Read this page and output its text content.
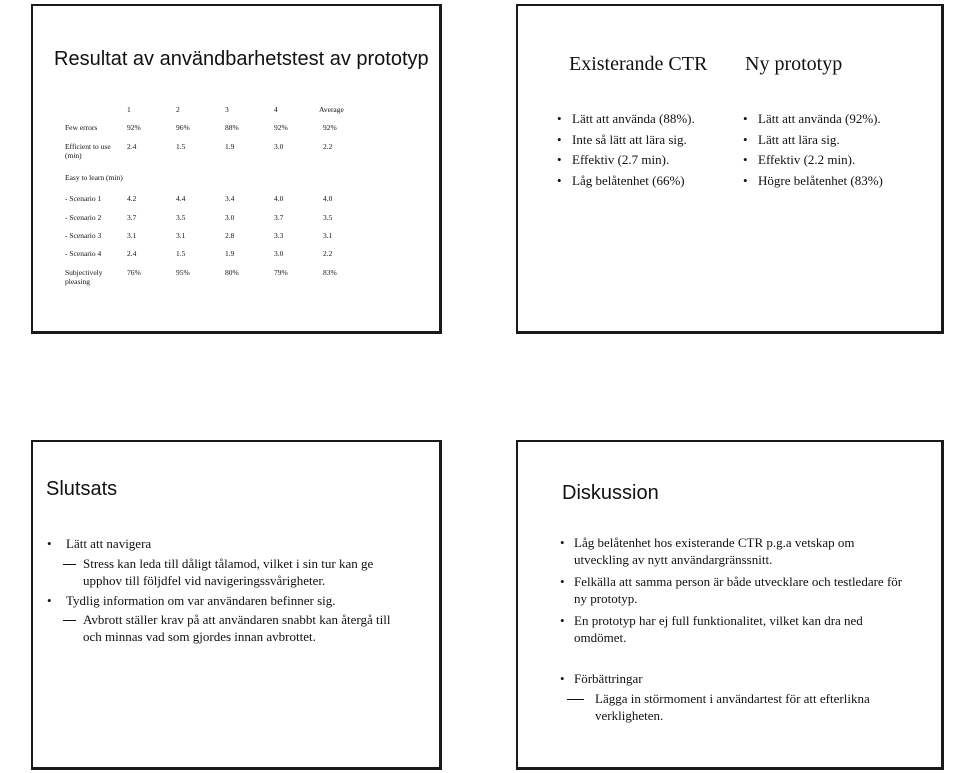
Resultat av användbarhetstest av prototyp
	1	2	3	4	Average
Few errors	92%	96%	88%	92%	92%
Efficient to use (min)	2.4	1.5	1.9	3.0	2.2
Easy to learn (min)					
- Scenario 1	4.2	4.4	3.4	4.0	4.0
- Scenario 2	3.7	3.5	3.0	3.7	3.5
- Scenario 3	3.1	3.1	2.8	3.3	3.1
- Scenario 4	2.4	1.5	1.9	3.0	2.2
Subjectively pleasing	76%	95%	80%	79%	83%
Existerande CTR Ny prototyp
• Lätt att använda (88%).
• Inte så lätt att lära sig.
• Effektiv (2.7 min).
• Låg belåtenhet (66%)
• Lätt att använda (92%).
• Lätt att lära sig.
• Effektiv (2.2 min).
• Högre belåtenhet (83%)
Slutsats
• Lätt att navigera
Stress kan leda till dåligt tålamod, vilket i sin tur kan ge upphov till följdfel vid navigeringssvårigheter.
• Tydlig information om var användaren befinner sig.
Avbrott ställer krav på att användaren snabbt kan återgå till och minnas vad som gjordes innan avbrottet.
Diskussion
• Låg belåtenhet hos existerande CTR p.g.a vetskap om utveckling av nytt användargränssnitt.
• Felkälla att samma person är både utvecklare och testledare för ny prototyp.
• En prototyp har ej full funktionalitet, vilket kan dra ned omdömet.
• Förbättringar
Lägga in störmoment i användartest för att efterlikna verkligheten.
